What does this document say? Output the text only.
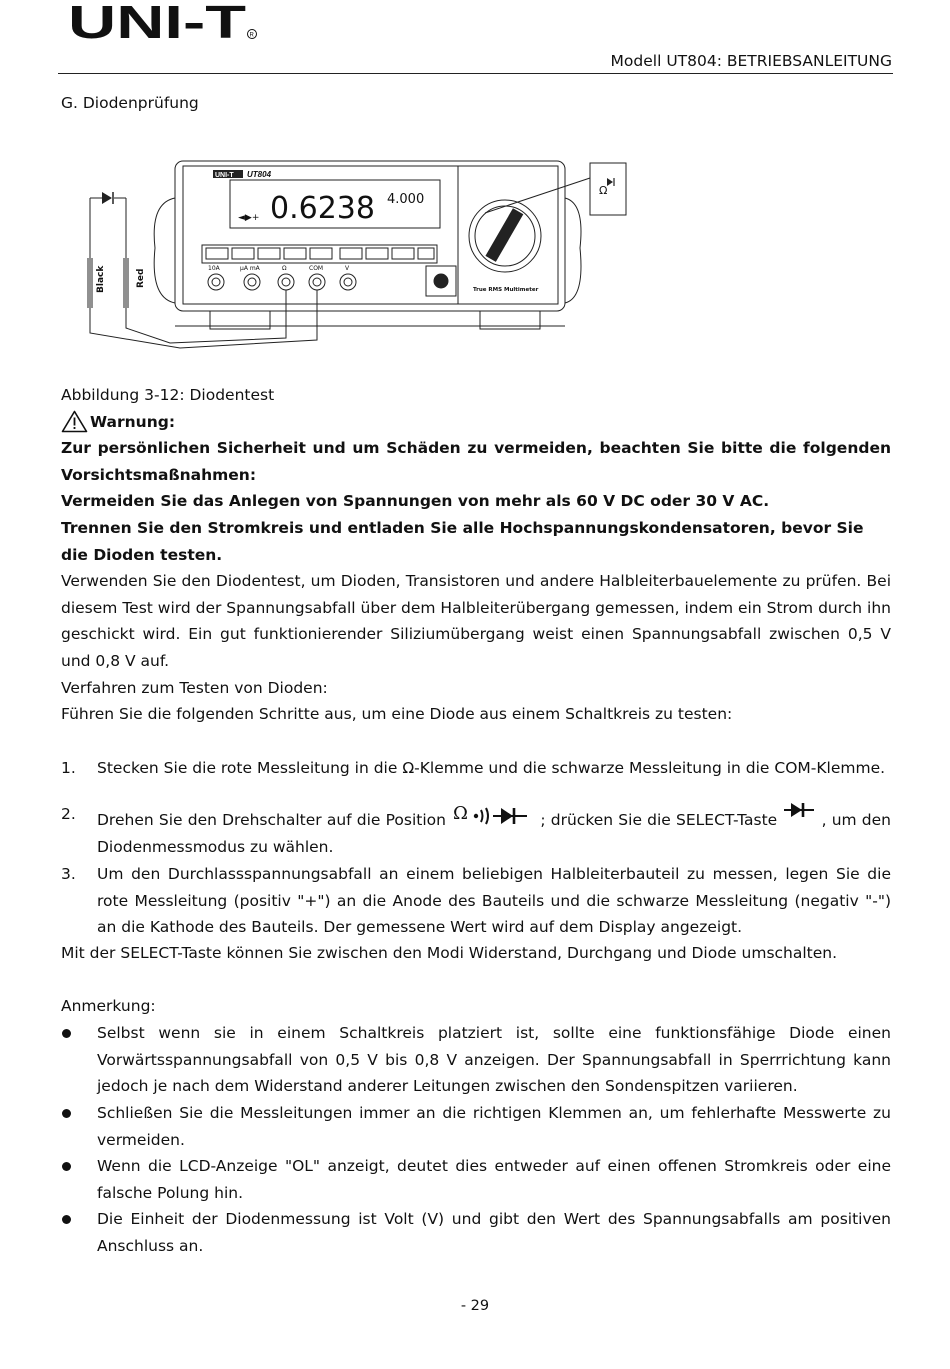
UNI-T R
Modell UT804: BETRIEBSANLEITUNG
G. Diodenprüfung
0.6238 4.000
◄▶+
UNI-T UT804
10A	µA mA	Ω	COM	V
True RMS Multimeter
Black	Red
Ω
Abbildung 3-12: Diodentest
Warnung:
Zur persönlichen Sicherheit und um Schäden zu vermeiden, beachten Sie bitte die folgenden
Vorsichtsmaßnahmen:
Vermeiden Sie das Anlegen von Spannungen von mehr als 60 V DC oder 30 V AC.
Trennen Sie den Stromkreis und entladen Sie alle Hochspannungskondensatoren, bevor Sie die Dioden testen.
Verwenden Sie den Diodentest, um Dioden, Transistoren und andere Halbleiterbauelemente zu prüfen. Bei diesem Test wird der Spannungsabfall über dem Halbleiterübergang gemessen, indem ein Strom durch ihn geschickt wird. Ein gut funktionierender Siliziumübergang weist einen Spannungsabfall zwischen 0,5 V und 0,8 V auf.
Verfahren zum Testen von Dioden:
Führen Sie die folgenden Schritte aus, um eine Diode aus einem Schaltkreis zu testen:
1. Stecken Sie die rote Messleitung in die Ω-Klemme und die schwarze Messleitung in die COM-Klemme.
2. Drehen Sie den Drehschalter auf die Position Ω	; drücken Sie die SELECT-Taste	, um den
Diodenmessmodus zu wählen.
3. Um den Durchlassspannungsabfall an einem beliebigen Halbleiterbauteil zu messen, legen Sie die rote Messleitung (positiv "+") an die Anode des Bauteils und die schwarze Messleitung (negativ "-") an die Kathode des Bauteils. Der gemessene Wert wird auf dem Display angezeigt.
Mit der SELECT-Taste können Sie zwischen den Modi Widerstand, Durchgang und Diode umschalten.
Anmerkung:
Selbst wenn sie in einem Schaltkreis platziert ist, sollte eine funktionsfähige Diode einen Vorwärtsspannungsabfall von 0,5 V bis 0,8 V anzeigen. Der Spannungsabfall in Sperrrichtung kann jedoch je nach dem Widerstand anderer Leitungen zwischen den Sondenspitzen variieren.
Schließen Sie die Messleitungen immer an die richtigen Klemmen an, um fehlerhafte Messwerte zu vermeiden.
Wenn die LCD-Anzeige "OL" anzeigt, deutet dies entweder auf einen offenen Stromkreis oder eine falsche Polung hin.
Die Einheit der Diodenmessung ist Volt (V) und gibt den Wert des Spannungsabfalls am positiven Anschluss an.
- 29
